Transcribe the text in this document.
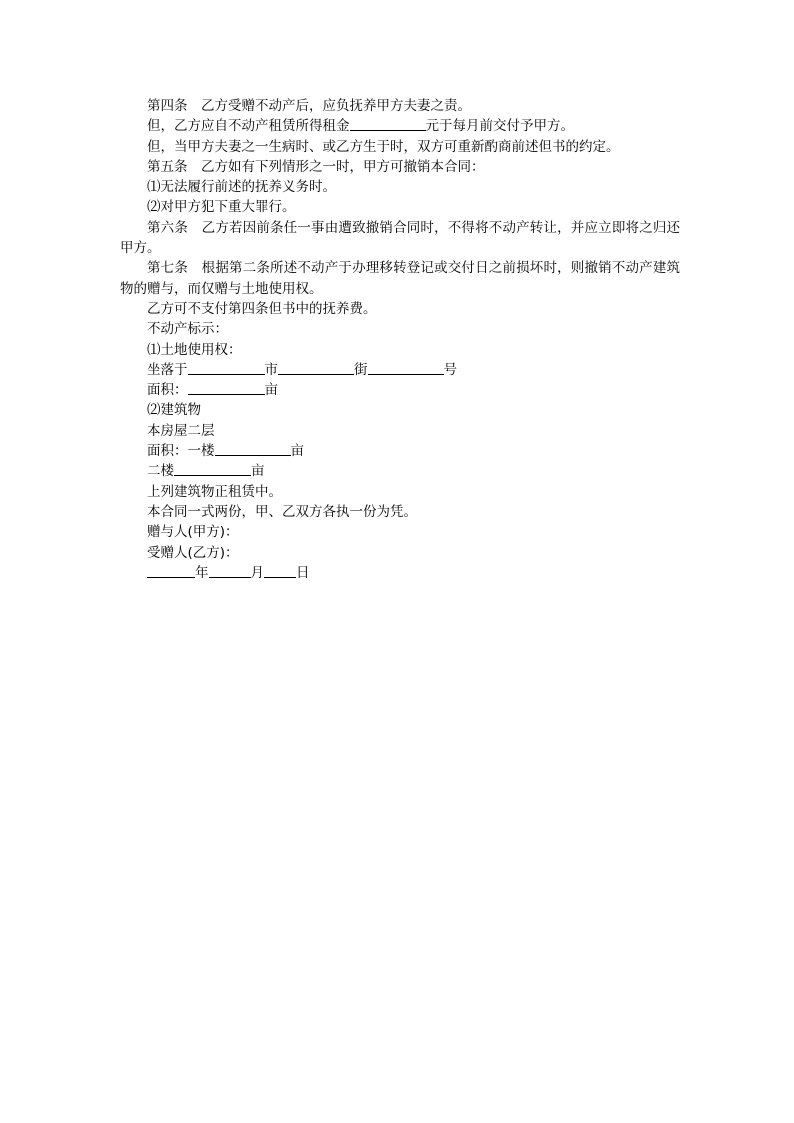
第四条　乙方受赠不动产后，应负抚养甲方夫妻之责。
但，乙方应自不动产租赁所得租金	元于每月前交付予甲方。
但，当甲方夫妻之一生病时、或乙方生于时，双方可重新酌商前述但书的约定。
第五条　乙方如有下列情形之一时，甲方可撤销本合同：
⑴无法履行前述的抚养义务时。
⑵对甲方犯下重大罪行。
第六条　乙方若因前条任一事由遭致撤销合同时，不得将不动产转让，并应立即将之归还甲方。
第七条　根据第二条所述不动产于办理移转登记或交付日之前损坏时，则撤销不动产建筑物的赠与，而仅赠与土地使用权。
乙方可不支付第四条但书中的抚养费。
不动产标示：
⑴土地使用权：
坐落于	市	街	号
面积：	亩
⑵建筑物
本房屋二层
面积：一楼	亩
二楼	亩
上列建筑物正租赁中。
本合同一式两份，甲、乙双方各执一份为凭。
赠与人(甲方)：
受赠人(乙方)：
年	月 日
